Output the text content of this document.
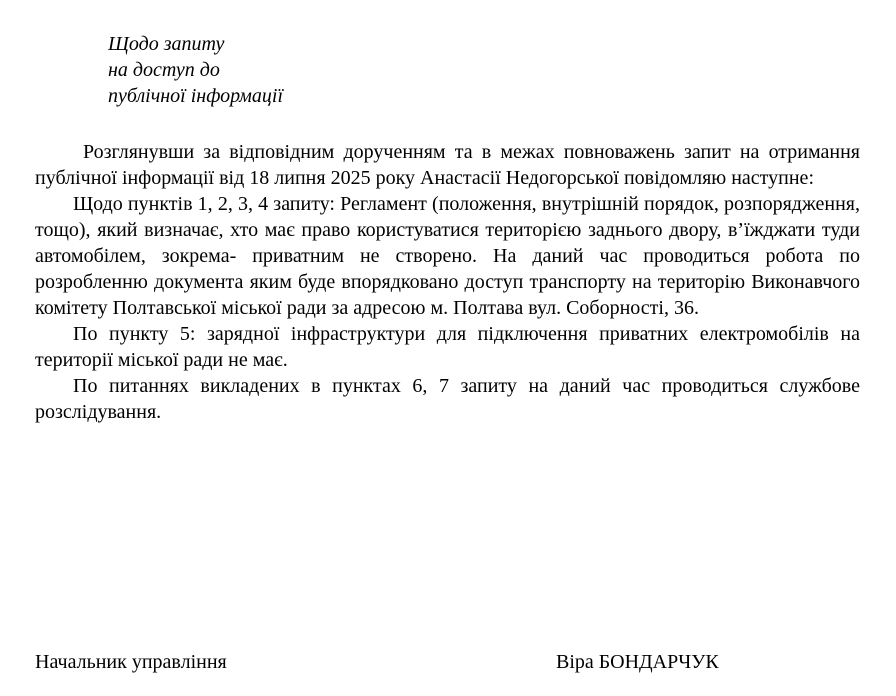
Щодо запиту
на доступ до
публічної інформації

Розглянувши за відповідним дорученням та в межах повноважень запит на отримання публічної інформації від 18 липня 2025 року Анастасії Недогорської повідомляю наступне:

Щодо пунктів 1, 2, 3, 4 запиту: Регламент (положення, внутрішній порядок, розпорядження, тощо), який визначає, хто має право користуватися територією заднього двору, в’їжджати туди автомобілем, зокрема- приватним не створено. На даний час проводиться робота по розробленню документа яким буде впорядковано доступ транспорту на територію Виконавчого комітету Полтавської міської ради за адресою м. Полтава вул. Соборності, 36.

По пункту 5: зарядної інфраструктури для підключення приватних електромобілів на території міської ради не має.

По питаннях викладених в пунктах 6, 7 запиту на даний час проводиться службове розслідування.

Начальник управління	Віра БОНДАРЧУК
